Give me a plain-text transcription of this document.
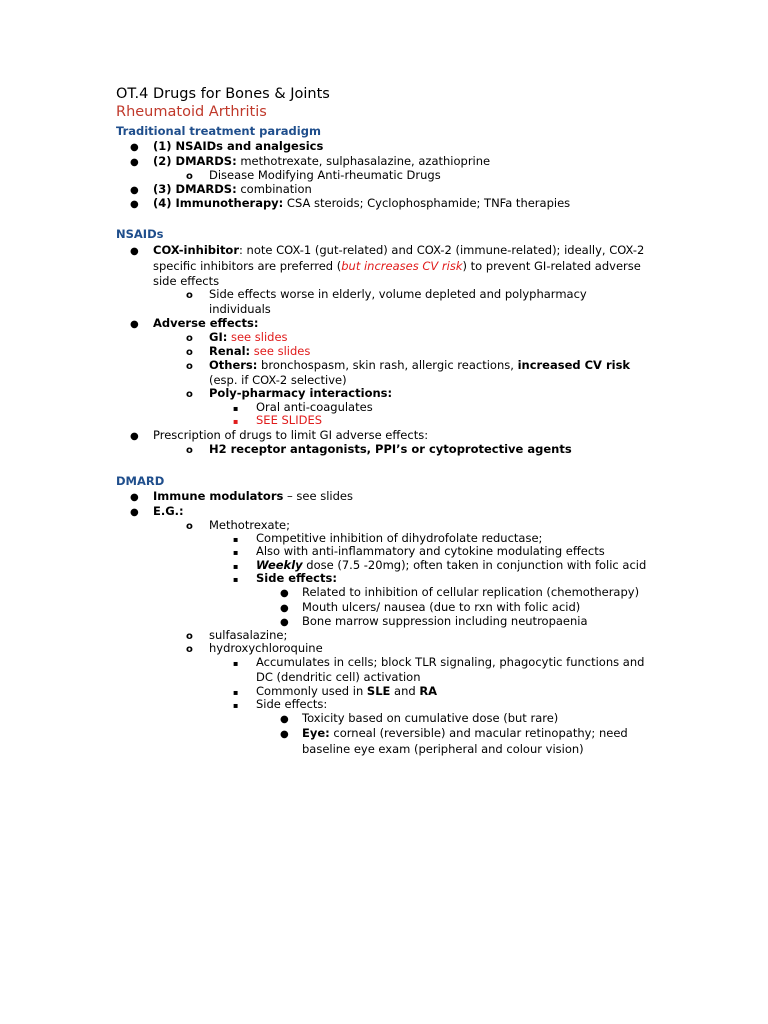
OT.4 Drugs for Bones & Joints
Rheumatoid Arthritis
Traditional treatment paradigm
● (1) NSAIDs and analgesics
● (2) DMARDS: methotrexate, sulphasalazine, azathioprine
o Disease Modifying Anti-rheumatic Drugs
● (3) DMARDS: combination
● (4) Immunotherapy: CSA steroids; Cyclophosphamide; TNFa therapies
NSAIDs
● COX-inhibitor: note COX-1 (gut-related) and COX-2 (immune-related); ideally, COX-2
specific inhibitors are preferred (but increases CV risk) to prevent GI-related adverse
side effects
o Side effects worse in elderly, volume depleted and polypharmacy
individuals
● Adverse effects:
o GI: see slides
o Renal: see slides
o Others: bronchospasm, skin rash, allergic reactions, increased CV risk
(esp. if COX-2 selective)
o Poly-pharmacy interactions:
▪ Oral anti-coagulates
▪ SEE SLIDES
● Prescription of drugs to limit GI adverse effects:
o H2 receptor antagonists, PPI’s or cytoprotective agents
DMARD
● Immune modulators – see slides
● E.G.:
o Methotrexate;
▪ Competitive inhibition of dihydrofolate reductase;
▪ Also with anti-inflammatory and cytokine modulating effects
▪ Weekly dose (7.5 -20mg); often taken in conjunction with folic acid
▪ Side effects:
● Related to inhibition of cellular replication (chemotherapy)
● Mouth ulcers/ nausea (due to rxn with folic acid)
● Bone marrow suppression including neutropaenia
o sulfasalazine;
o hydroxychloroquine
▪ Accumulates in cells; block TLR signaling, phagocytic functions and
DC (dendritic cell) activation
▪ Commonly used in SLE and RA
▪ Side effects:
● Toxicity based on cumulative dose (but rare)
● Eye: corneal (reversible) and macular retinopathy; need
baseline eye exam (peripheral and colour vision)
